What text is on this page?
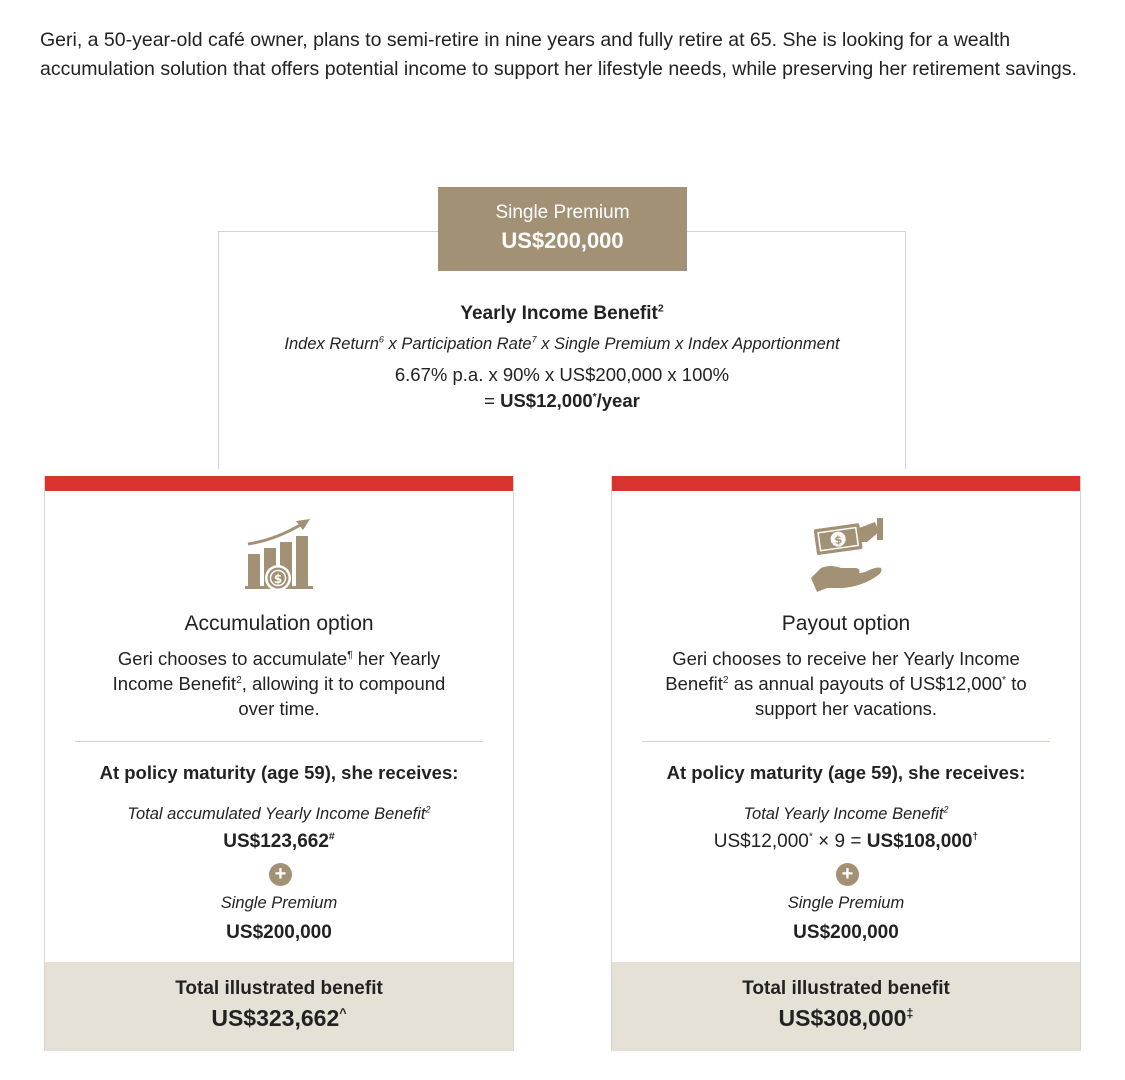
Geri, a 50-year-old café owner, plans to semi-retire in nine years and fully retire at 65. She is looking for a wealth accumulation solution that offers potential income to support her lifestyle needs, while preserving her retirement savings.

Single Premium
US$200,000
Yearly Income Benefit$^2$
Index Return$^6$ x Participation Rate$^7$ x Single Premium x Index Apportionment
6.67% p.a. x 90% x US$200,000 x 100%
= US$12,000*/year
$
Accumulation option
Geri chooses to accumulate¶ her Yearly Income Benefit$^2$, allowing it to compound over time.
At policy maturity (age 59), she receives:
Total accumulated Yearly Income Benefit$^2$
US$123,662#
+
Single Premium
US$200,000
Total illustrated benefit
US$323,662^
$
Payout option
Geri chooses to receive her Yearly Income Benefit$^2$ as annual payouts of US$12,000* to support her vacations.
At policy maturity (age 59), she receives:
Total Yearly Income Benefit$^2$
US$12,000* × 9 = US$108,000†
+
Single Premium
US$200,000
Total illustrated benefit
US$308,000‡
